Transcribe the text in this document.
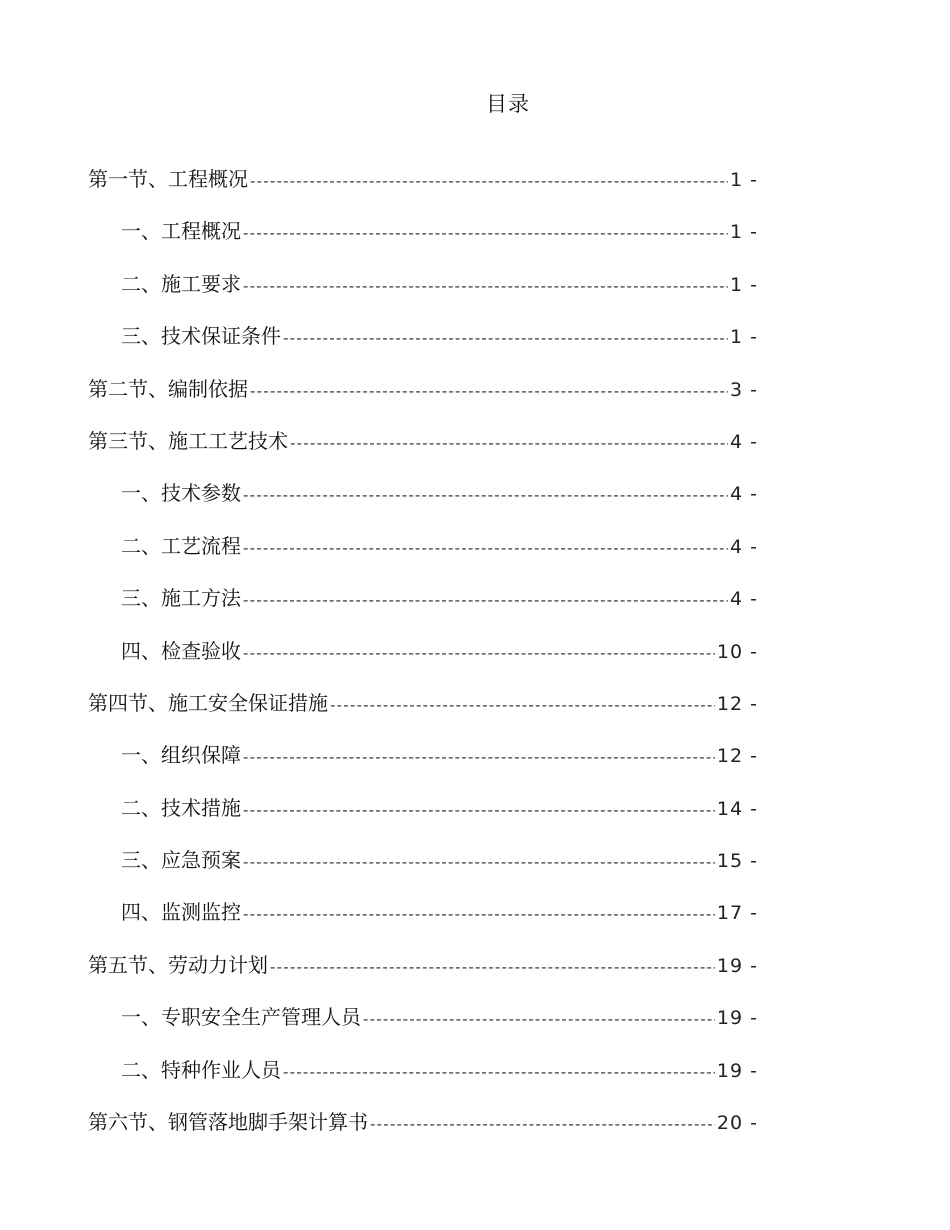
目录
第一节、工程概况 -----	1 -
一、工程概况 -----	1 -
二、施工要求 -----	1 -
三、技术保证条件 -----	1 -
第二节、编制依据 -----	3 -
第三节、施工工艺技术 -----	4 -
一、技术参数 -----	4 -
二、工艺流程 -----	4 -
三、施工方法 -----	4 -
四、检查验收 -----	10 -
第四节、施工安全保证措施 -----	12 -
一、组织保障 -----	12 -
二、技术措施 -----	14 -
三、应急预案 -----	15 -
四、监测监控 -----	17 -
第五节、劳动力计划 -----	19 -
一、专职安全生产管理人员 -----	19 -
二、特种作业人员 -----	19 -
第六节、钢管落地脚手架计算书 -----	20 -
